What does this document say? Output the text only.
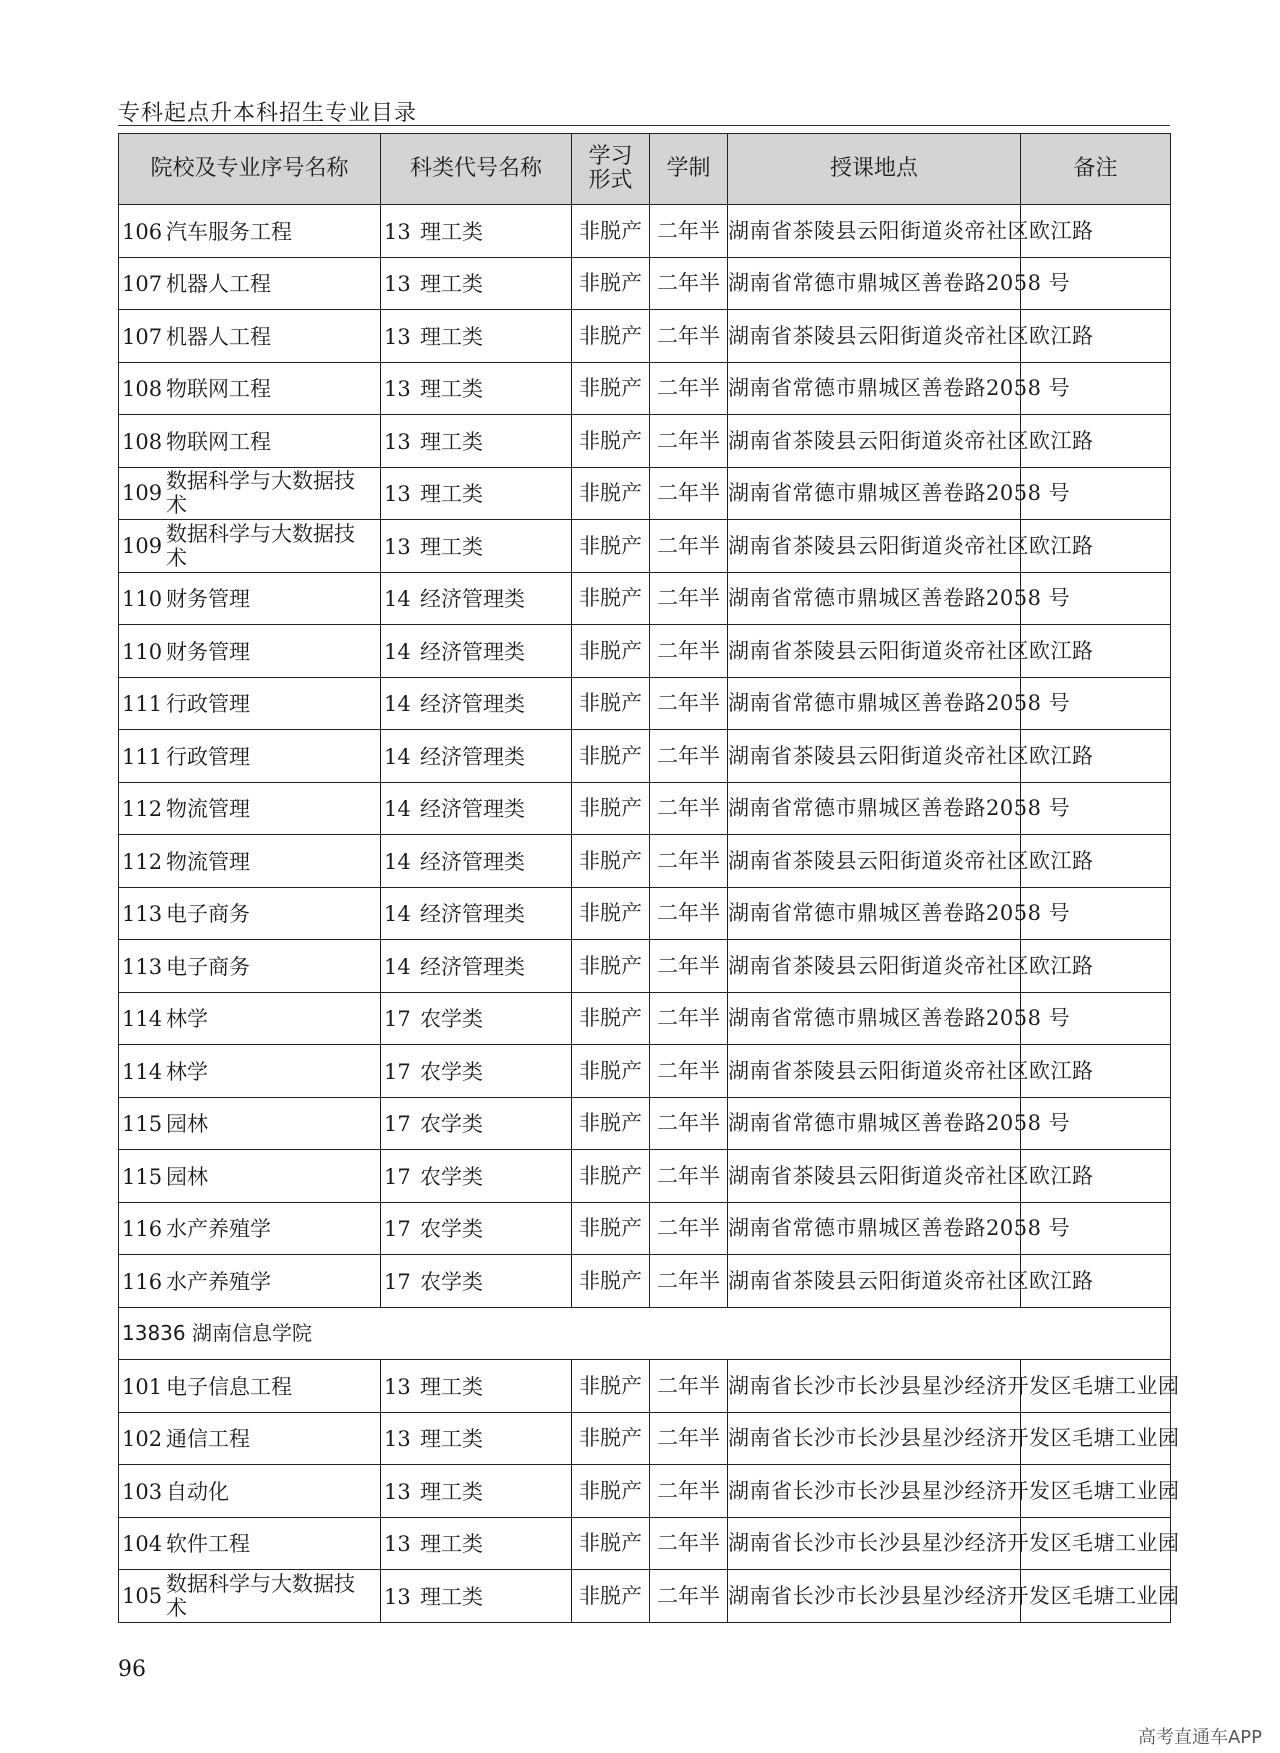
专科起点升本科招生专业目录
院校及专业序号名称	科类代号名称	学习形式	学制	授课地点	备注
106 汽车服务工程	13 理工类	非脱产	二年半	湖南省茶陵县云阳街道炎帝社区欧江路	
107 机器人工程	13 理工类	非脱产	二年半	湖南省常德市鼎城区善卷路2058 号	
107 机器人工程	13 理工类	非脱产	二年半	湖南省茶陵县云阳街道炎帝社区欧江路	
108 物联网工程	13 理工类	非脱产	二年半	湖南省常德市鼎城区善卷路2058 号	
108 物联网工程	13 理工类	非脱产	二年半	湖南省茶陵县云阳街道炎帝社区欧江路	
109 数据科学与大数据技术	13 理工类	非脱产	二年半	湖南省常德市鼎城区善卷路2058 号	
109 数据科学与大数据技术	13 理工类	非脱产	二年半	湖南省茶陵县云阳街道炎帝社区欧江路	
110 财务管理	14 经济管理类	非脱产	二年半	湖南省常德市鼎城区善卷路2058 号	
110 财务管理	14 经济管理类	非脱产	二年半	湖南省茶陵县云阳街道炎帝社区欧江路	
111 行政管理	14 经济管理类	非脱产	二年半	湖南省常德市鼎城区善卷路2058 号	
111 行政管理	14 经济管理类	非脱产	二年半	湖南省茶陵县云阳街道炎帝社区欧江路	
112 物流管理	14 经济管理类	非脱产	二年半	湖南省常德市鼎城区善卷路2058 号	
112 物流管理	14 经济管理类	非脱产	二年半	湖南省茶陵县云阳街道炎帝社区欧江路	
113 电子商务	14 经济管理类	非脱产	二年半	湖南省常德市鼎城区善卷路2058 号	
113 电子商务	14 经济管理类	非脱产	二年半	湖南省茶陵县云阳街道炎帝社区欧江路	
114 林学	17 农学类	非脱产	二年半	湖南省常德市鼎城区善卷路2058 号	
114 林学	17 农学类	非脱产	二年半	湖南省茶陵县云阳街道炎帝社区欧江路	
115 园林	17 农学类	非脱产	二年半	湖南省常德市鼎城区善卷路2058 号	
115 园林	17 农学类	非脱产	二年半	湖南省茶陵县云阳街道炎帝社区欧江路	
116 水产养殖学	17 农学类	非脱产	二年半	湖南省常德市鼎城区善卷路2058 号	
116 水产养殖学	17 农学类	非脱产	二年半	湖南省茶陵县云阳街道炎帝社区欧江路	
13836 湖南信息学院					
101 电子信息工程	13 理工类	非脱产	二年半	湖南省长沙市长沙县星沙经济开发区毛塘工业园	
102 通信工程	13 理工类	非脱产	二年半	湖南省长沙市长沙县星沙经济开发区毛塘工业园	
103 自动化	13 理工类	非脱产	二年半	湖南省长沙市长沙县星沙经济开发区毛塘工业园	
104 软件工程	13 理工类	非脱产	二年半	湖南省长沙市长沙县星沙经济开发区毛塘工业园	
105 数据科学与大数据技术	13 理工类	非脱产	二年半	湖南省长沙市长沙县星沙经济开发区毛塘工业园	
96
高考直通车APP
